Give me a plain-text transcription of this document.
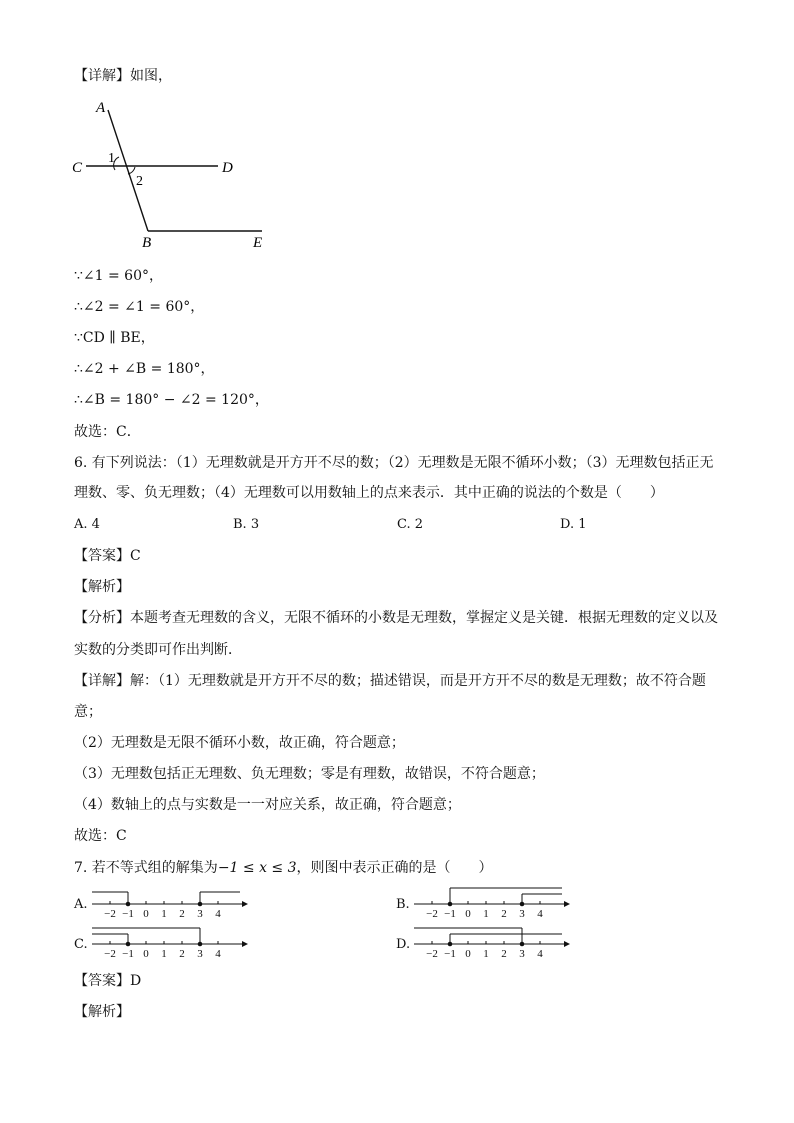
【详解】如图，
A
C	D
B	E
1
2
∵∠1 = 60°，
∴∠2 = ∠1 = 60°，
∵CD ∥ BE，
∴∠2 + ∠B = 180°，
∴∠B = 180° − ∠2 = 120°，
故选：C．
6. 有下列说法：（1）无理数就是开方开不尽的数；（2）无理数是无限不循环小数；（3）无理数包括正无
理数、零、负无理数；（4）无理数可以用数轴上的点来表示．其中正确的说法的个数是（　　）
A. 4	B. 3	C. 2	D. 1
【答案】C
【解析】
【分析】本题考查无理数的含义，无限不循环的小数是无理数，掌握定义是关键．根据无理数的定义以及
实数的分类即可作出判断．
【详解】解：（1）无理数就是开方开不尽的数；描述错误，而是开方开不尽的数是无理数；故不符合题
意；
（2）无理数是无限不循环小数，故正确，符合题意；
（3）无理数包括正无理数、负无理数；零是有理数，故错误，不符合题意；
（4）数轴上的点与实数是一一对应关系，故正确，符合题意；
故选：C
7. 若不等式组的解集为−1 ≤ x ≤ 3，则图中表示正确的是（　　）
A.	B.
C.	D.
−2 −1 0 1 2 3 4	−2 −1 0 1 2 3 4
−2 −1 0 1 2 3 4	−2 −1 0 1 2 3 4
【答案】D
【解析】
